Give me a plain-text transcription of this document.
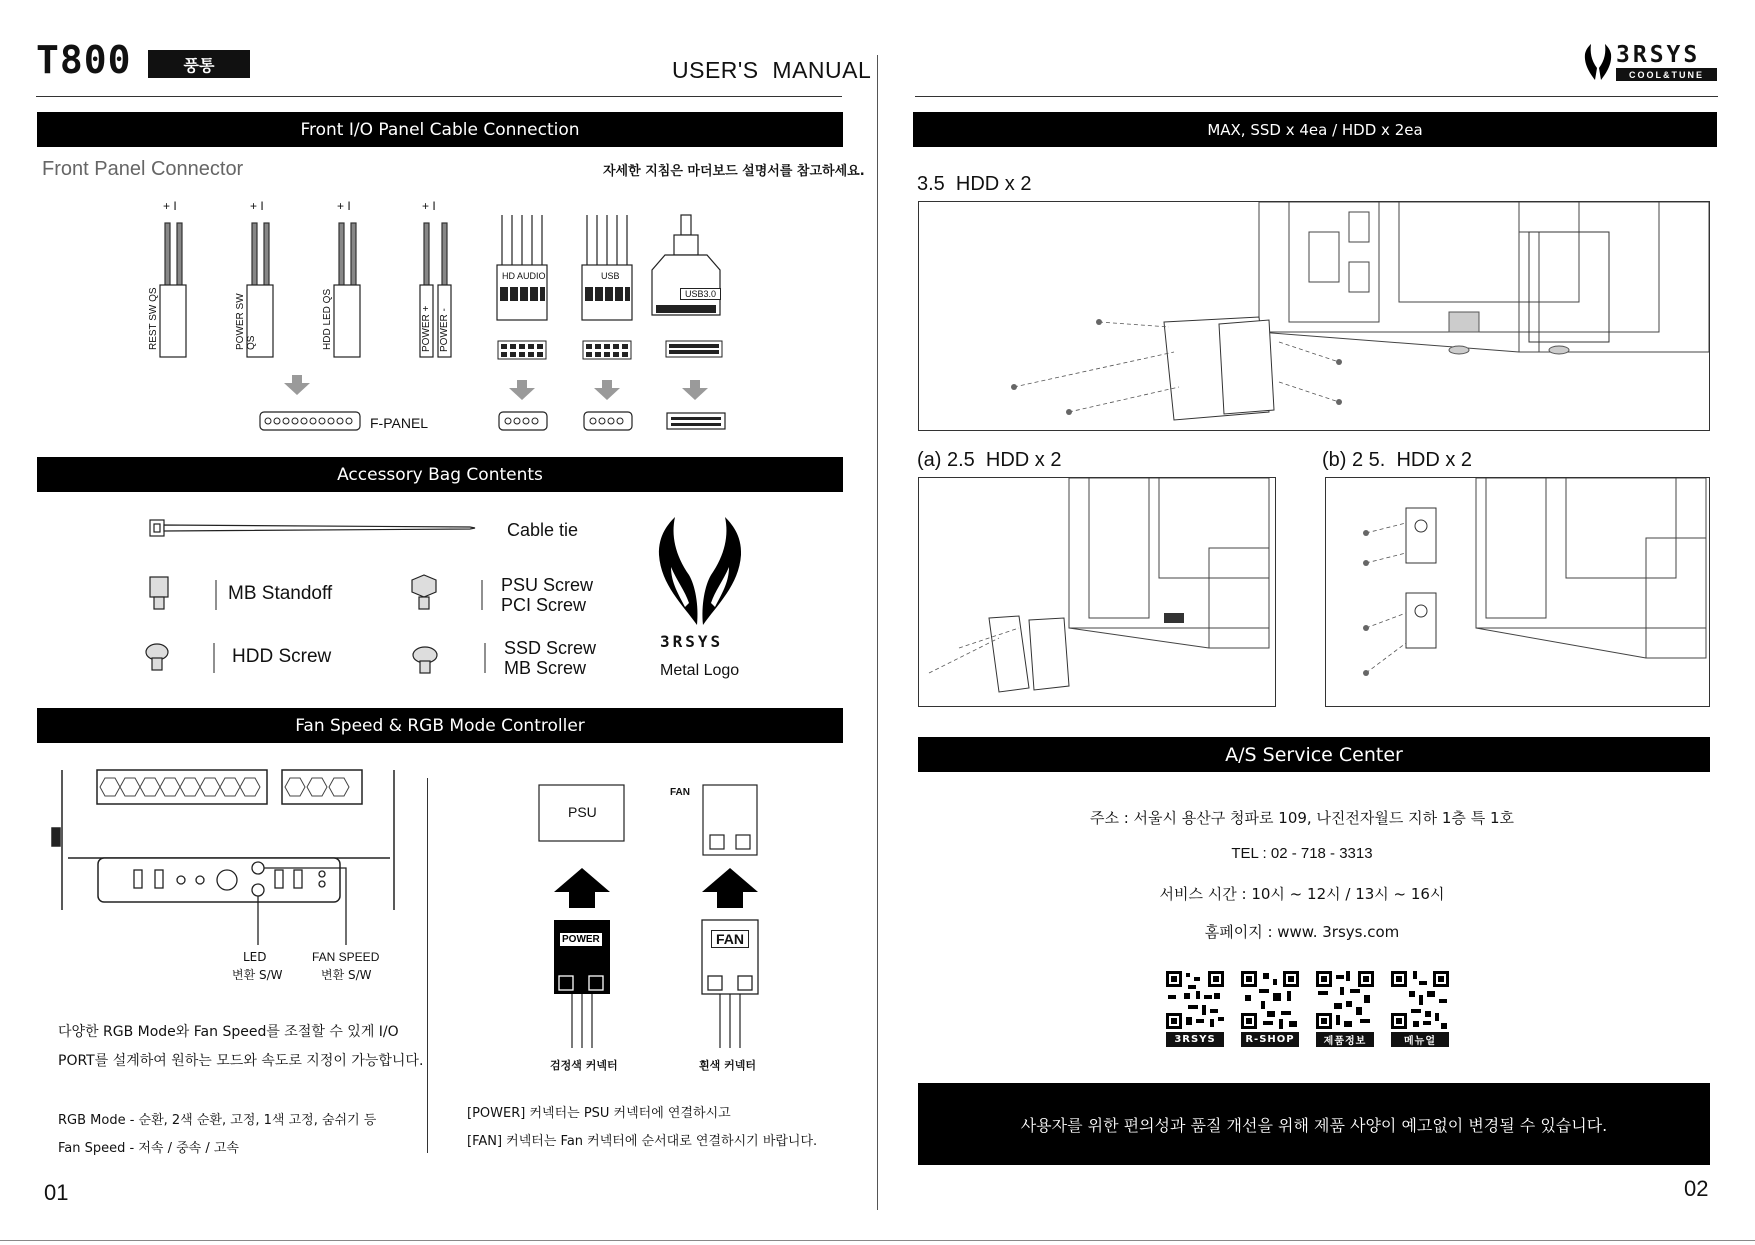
T800	풍통	USER'S  MANUAL
Front I/O Panel Cable Connection
Front Panel Connector	자세한 지침은 마더보드 설명서를 참고하세요.
+ I	+ I	+ I	+ I
REST SW QS	POWER SW QS	HDD LED QS	POWER + POWER -
HD AUDIO	USB
USB3.0
F-PANEL
Accessory Bag Contents
Cable tie
MB Standoff	PSU Screw
PCI Screw
HDD Screw	SSD Screw
MB Screw
3RSYS
Metal Logo
Fan Speed & RGB Mode Controller
LED
변환 S/W
FAN SPEED
변환 S/W
다양한 RGB Mode와 Fan Speed를 조절할 수 있게 I/O
PORT를 설계하여 원하는 모드와 속도로 지정이 가능합니다.
RGB Mode - 순환, 2색 순환, 고정, 1색 고정, 숨쉬기 등
Fan Speed - 저속 / 중속 / 고속
PSU
FAN
POWER	FAN
검정색 커넥터	흰색 커넥터
[POWER] 커넥터는 PSU 커넥터에 연결하시고
[FAN] 커넥터는 Fan 커넥터에 순서대로 연결하시기 바랍니다.
01
3RSYS
COOL&TUNE
MAX, SSD x 4ea / HDD x 2ea
3.5  HDD x 2
(a) 2.5  HDD x 2	(b) 2 5.  HDD x 2
A/S Service Center
주소 : 서울시 용산구 청파로 109, 나진전자월드 지하 1층 특 1호
TEL : 02 - 718 - 3313
서비스 시간 : 10시 ~ 12시 / 13시 ~ 16시
홈페이지 : www. 3rsys.com
3RSYS	R-SHOP	제품정보	메뉴얼
사용자를 위한 편의성과 품질 개선을 위해 제품 사양이 예고없이 변경될 수 있습니다.
02
